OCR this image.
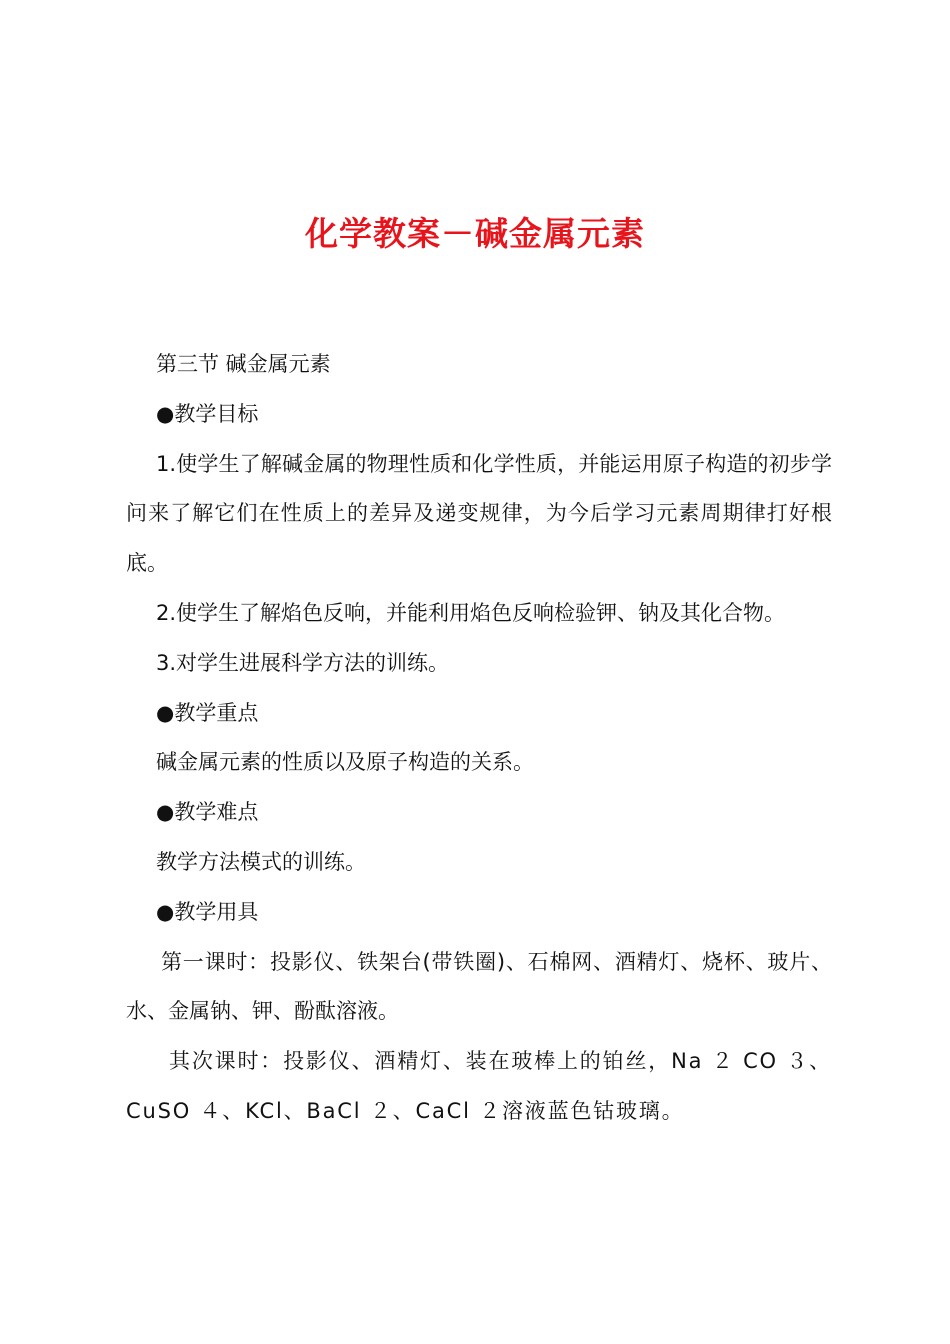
化学教案－碱金属元素

第三节 碱金属元素

●教学目标

1.使学生了解碱金属的物理性质和化学性质，并能运用原子构造的初步学问来了解它们在性质上的差异及递变规律，为今后学习元素周期律打好根底。

2.使学生了解焰色反响，并能利用焰色反响检验钾、钠及其化合物。

3.对学生进展科学方法的训练。

●教学重点

碱金属元素的性质以及原子构造的关系。

●教学难点

教学方法模式的训练。

●教学用具

第一课时：投影仪、铁架台(带铁圈)、石棉网、酒精灯、烧杯、玻片、水、金属钠、钾、酚酞溶液。

其次课时：投影仪、酒精灯、装在玻棒上的铂丝，Na ２ CO ３、CuSO ４、KCl、BaCl ２、CaCl ２溶液蓝色钴玻璃。
